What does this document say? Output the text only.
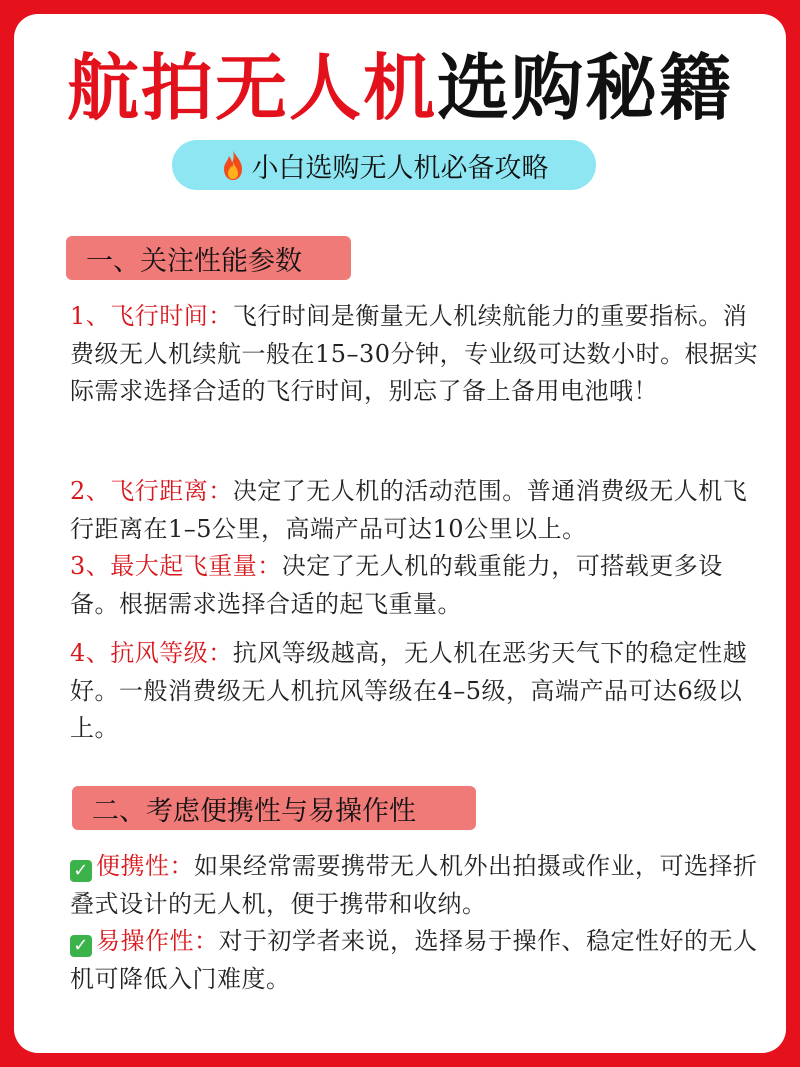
航拍无人机选购秘籍
小白选购无人机必备攻略
一、关注性能参数
1、飞行时间：飞行时间是衡量无人机续航能力的重要指标。消费级无人机续航一般在15–30分钟，专业级可达数小时。根据实际需求选择合适的飞行时间，别忘了备上备用电池哦！
2、飞行距离：决定了无人机的活动范围。普通消费级无人机飞行距离在1–5公里，高端产品可达10公里以上。
3、最大起飞重量：决定了无人机的载重能力，可搭载更多设备。根据需求选择合适的起飞重量。
4、抗风等级：抗风等级越高，无人机在恶劣天气下的稳定性越好。一般消费级无人机抗风等级在4–5级，高端产品可达6级以上。
二、考虑便携性与易操作性
✓ 便携性：如果经常需要携带无人机外出拍摄或作业，可选择折叠式设计的无人机，便于携带和收纳。
✓ 易操作性：对于初学者来说，选择易于操作、稳定性好的无人机可降低入门难度。
